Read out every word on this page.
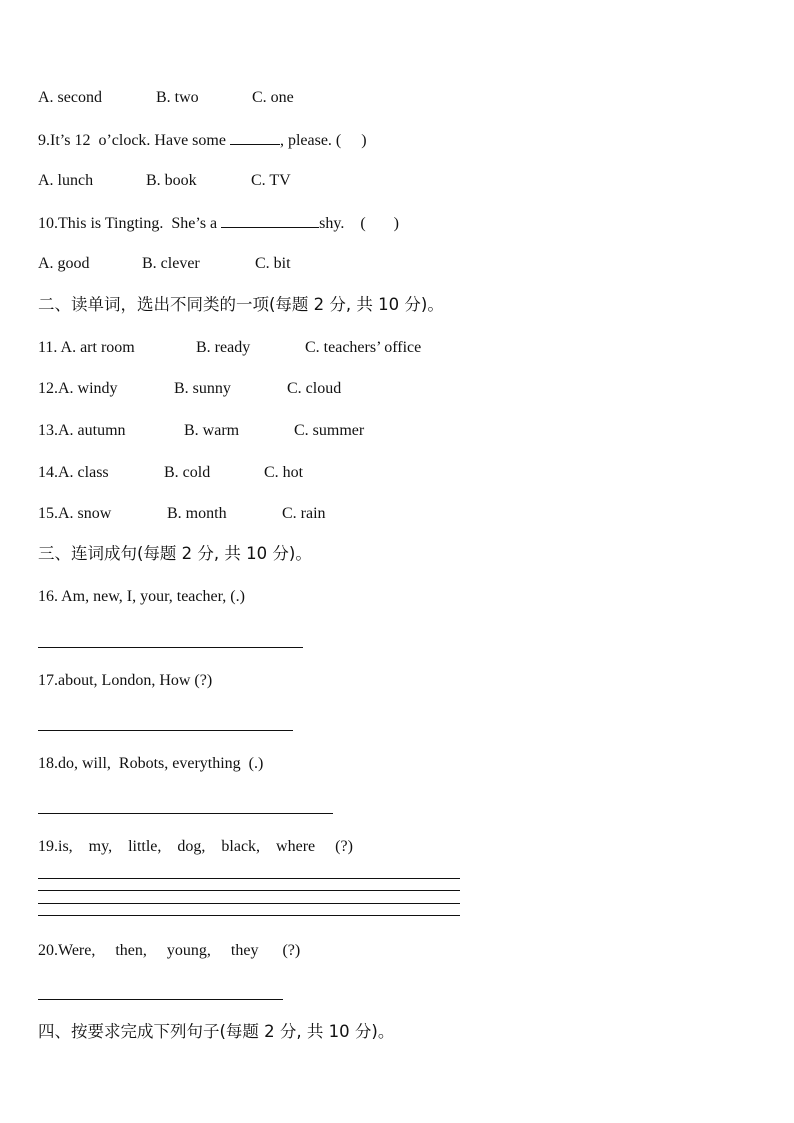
A. second	B. two	C. one
9.It’s 12  o’clock. Have some	, please. (     )
A. lunch	B. book	C. TV
10.This is Tingting.  She’s a	shy.    (       )
A. good	B. clever	C. bit
二、读单词，选出不同类的一项(每题 2 分, 共 10 分)。
11. A. art room	B. ready	C. teachers’ office
12.A. windy	B. sunny	C. cloud
13.A. autumn	B. warm	C. summer
14.A. class	B. cold	C. hot
15.A. snow	B. month	C. rain
三、连词成句(每题 2 分, 共 10 分)。
16. Am, new, I, your, teacher, (.)
17.about, London, How (?)
18.do, will,  Robots, everything  (.)
19.is,    my,    little,    dog,    black,    where     (?)
20.Were,     then,     young,     they      (?)
四、按要求完成下列句子(每题 2 分, 共 10 分)。
